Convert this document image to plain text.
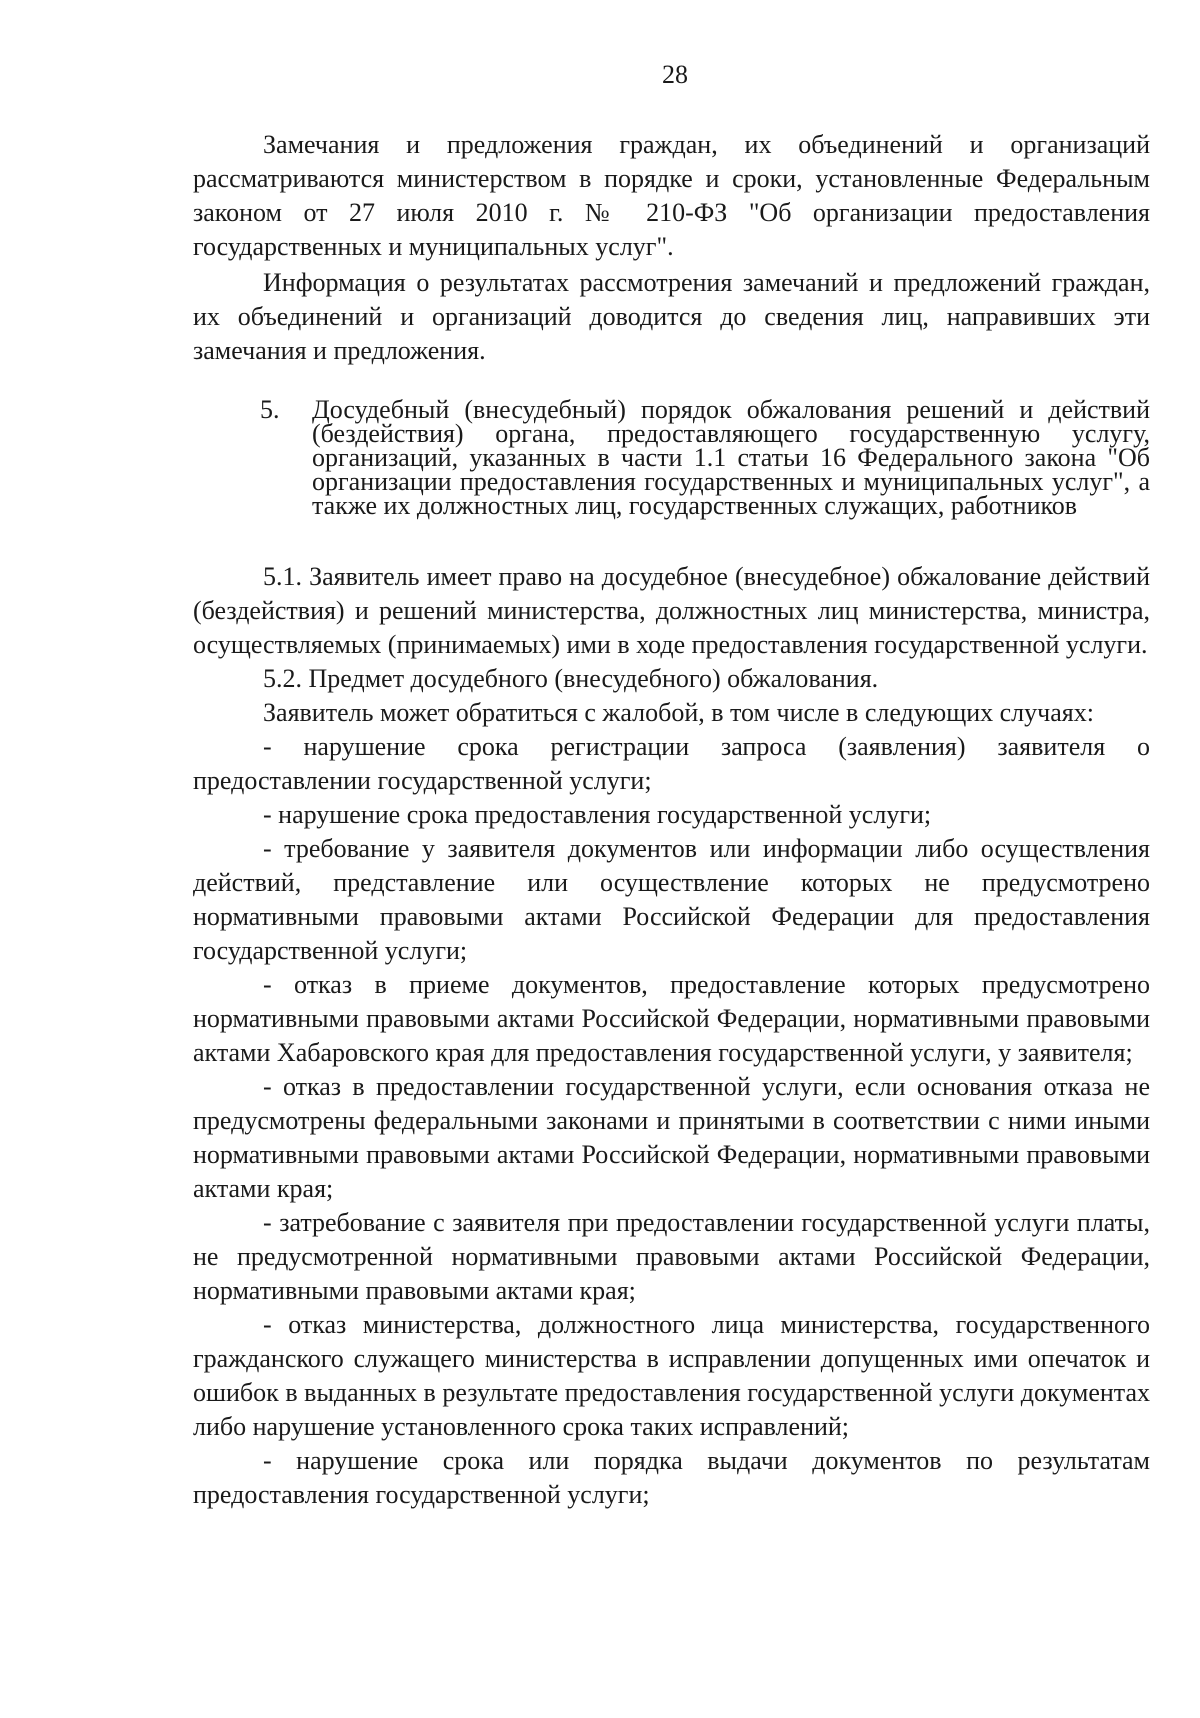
28

Замечания и предложения граждан, их объединений и организаций рассматриваются министерством в порядке и сроки, установленные Федеральным законом от 27 июля 2010 г. № 210-ФЗ "Об организации предоставления государственных и муниципальных услуг".

Информация о результатах рассмотрения замечаний и предложений граждан, их объединений и организаций доводится до сведения лиц, направивших эти замечания и предложения.

5.	Досудебный (внесудебный) порядок обжалования решений и действий (бездействия) органа, предоставляющего государственную услугу, организаций, указанных в части 1.1 статьи 16 Федерального закона "Об организации предоставления государственных и муниципальных услуг", а также их должностных лиц, государственных служащих, работников

5.1. Заявитель имеет право на досудебное (внесудебное) обжалование действий (бездействия) и решений министерства, должностных лиц министерства, министра, осуществляемых (принимаемых) ими в ходе предоставления государственной услуги.

5.2. Предмет досудебного (внесудебного) обжалования.

Заявитель может обратиться с жалобой, в том числе в следующих случаях:

- нарушение срока регистрации запроса (заявления) заявителя о предоставлении государственной услуги;

- нарушение срока предоставления государственной услуги;

- требование у заявителя документов или информации либо осуществления действий, представление или осуществление которых не предусмотрено нормативными правовыми актами Российской Федерации для предоставления государственной услуги;

- отказ в приеме документов, предоставление которых предусмотрено нормативными правовыми актами Российской Федерации, нормативными правовыми актами Хабаровского края для предоставления государственной услуги, у заявителя;

- отказ в предоставлении государственной услуги, если основания отказа не предусмотрены федеральными законами и принятыми в соответствии с ними иными нормативными правовыми актами Российской Федерации, нормативными правовыми актами края;

- затребование с заявителя при предоставлении государственной услуги платы, не предусмотренной нормативными правовыми актами Российской Федерации, нормативными правовыми актами края;

- отказ министерства, должностного лица министерства, государственного гражданского служащего министерства в исправлении допущенных ими опечаток и ошибок в выданных в результате предоставления государственной услуги документах либо нарушение установленного срока таких исправлений;

- нарушение срока или порядка выдачи документов по результатам предоставления государственной услуги;
